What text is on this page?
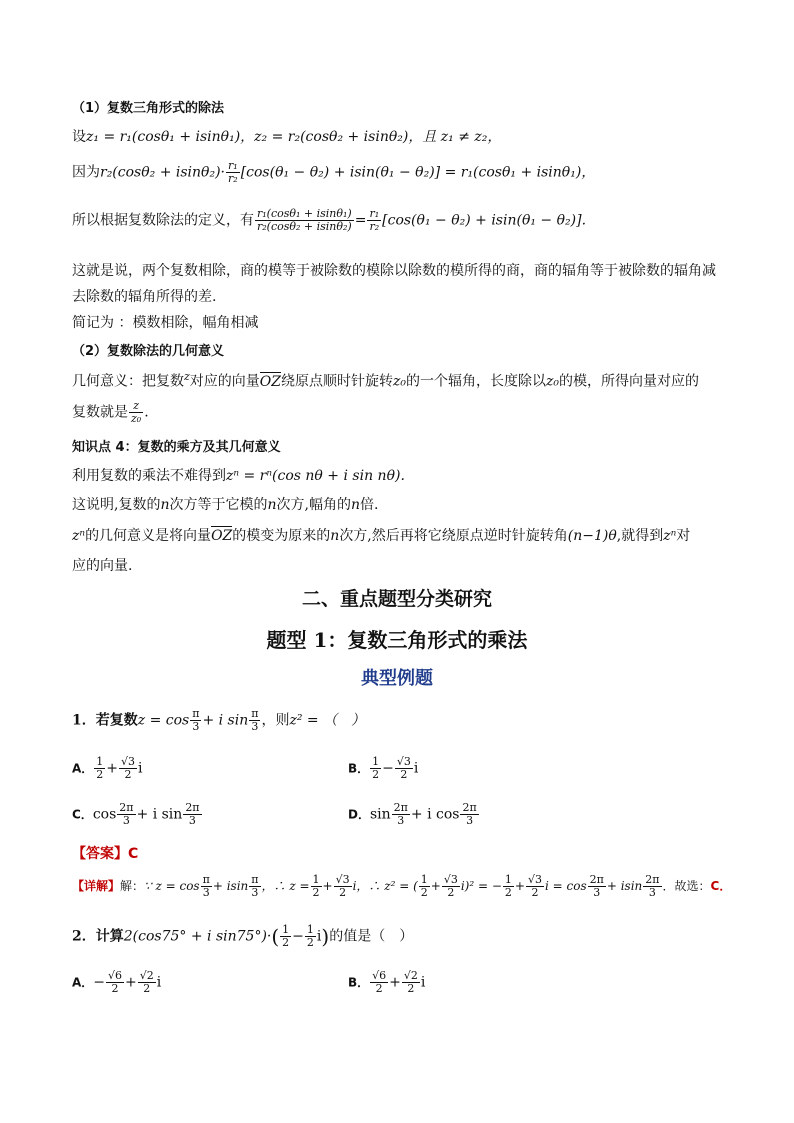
（1）复数三角形式的除法
设z₁ = r₁(cosθ₁ + isinθ₁)，z₂ = r₂(cosθ₂ + isinθ₂)，且 z₁ ≠ z₂，
因为$r_2(\cos\theta_2 + isin\theta_2)\cdot \frac{\text{r₁}}{\text{r₂}} [\cos(\theta_1 - \theta_2) + isin(\theta_1 - \theta_2)] = r_1(\cos\theta_1 + isin\theta_1)$，
所以根据复数除法的定义，有 $\frac{\text{r₁(cosθ₁ + isinθ₁)}}{\text{r₂(cosθ₂ + isinθ₂)}} = \frac{\text{r₁}}{\text{r₂}} [\cos(\theta_1 - \theta_2) + isin(\theta_1 - \theta_2)]$.
这就是说，两个复数相除，商的模等于被除数的模除以除数的模所得的商，商的辐角等于被除数的辐角减
去除数的辐角所得的差.
简记为 ：模数相除，幅角相减
（2）复数除法的几何意义
几何意义：把复数$^z$对应的向量OZ绕原点顺时针旋转z₀的一个辐角，长度除以z₀的模，所得向量对应的
复数就是 $\frac{z}{\text{z₀}}$ .
知识点 4：复数的乘方及其几何意义
利用复数的乘法不难得到zⁿ = rⁿ(cos nθ + i sin nθ).
这说明,复数的n次方等于它模的n次方,幅角的n倍.
zⁿ的几何意义是将向量OZ的模变为原来的n次方,然后再将它绕原点逆时针旋转角(n−1)θ,就得到zⁿ对
应的向量.
二、重点题型分类研究
题型 1：复数三角形式的乘法
典型例题
1．若复数$z = \cos \frac{\pi}{3} + i$ $\sin \frac{\pi}{3}$ ，则z² = （　）
A． $\frac{1}{2} + \frac{√3}{2}$ i	B． $\frac{1}{2} - \frac{√3}{2}$ i
C．$\cos \frac{2\pi}{3} + i$ $\sin \frac{2\pi}{3}$	D．$\sin \frac{2\pi}{3} + i$ $\cos \frac{2\pi}{3}$
【答案】C
【详解】解：∵ $z = \cos \frac{\pi}{3} + isin \frac{\pi}{3}$ ，∴ $z = \frac{1}{2} + \frac{√3}{2}$ i，∴ z² = ( $\frac{1}{2} + \frac{√3}{2} i)^2$ = − $\frac{1}{2} + \frac{√3}{2}$ $i = \cos \frac{2\pi}{3} + isin \frac{2\pi}{3}$ ．故选：C．
2．计算2(cos75° + i $\sin 75^\circ)\cdot( \frac{1}{2} - \frac{1}{2} i)$的值是（　）
A．− $\frac{√6}{2} + \frac{√2}{2}$ i	B． $\frac{√6}{2} + \frac{√2}{2}$ i
